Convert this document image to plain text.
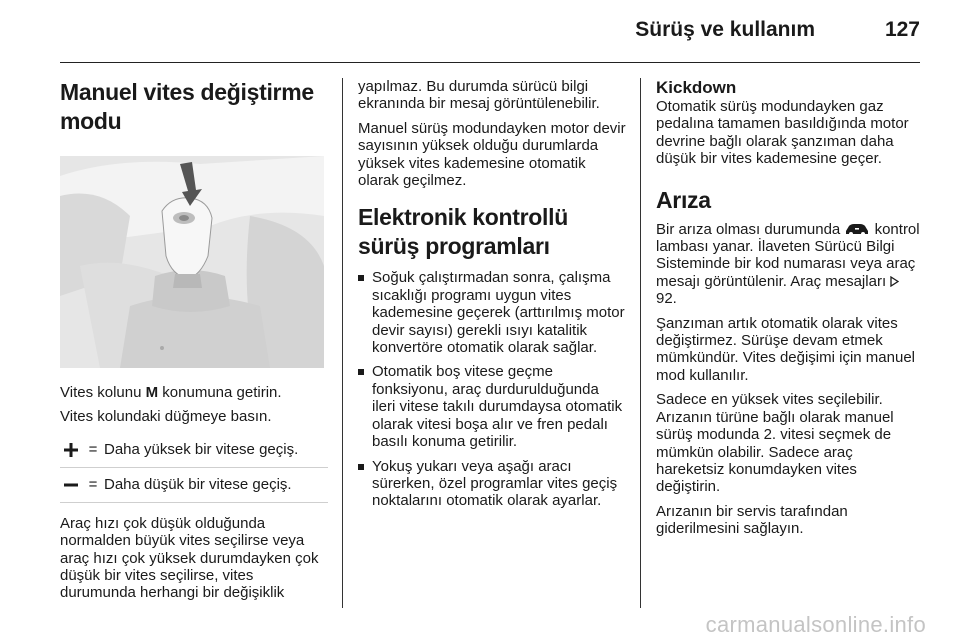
Sürüş ve kullanım	127
Manuel vites değiştirme modu

Vites kolunu M konumuna getirin.

Vites kolundaki düğmeye basın.

= Daha yüksek bir vitese geçiş.
= Daha düşük bir vitese geçiş.

Araç hızı çok düşük olduğunda normalden büyük vites seçilirse veya araç hızı çok yüksek durumdayken çok düşük bir vites seçilirse, vites durumunda herhangi bir değişiklik

yapılmaz. Bu durumda sürücü bilgi ekranında bir mesaj görüntülenebilir.

Manuel sürüş modundayken motor devir sayısının yüksek olduğu durumlarda yüksek vites kademesine otomatik olarak geçilmez.

Elektronik kontrollü sürüş programları
Soğuk çalıştırmadan sonra, çalışma sıcaklığı programı uygun vites kademesine geçerek (arttırılmış motor devir sayısı) gerekli ısıyı katalitik konvertöre otomatik olarak sağlar.
Otomatik boş vitese geçme fonksiyonu, araç durdurulduğunda ileri vitese takılı durumdaysa otomatik olarak vitesi boşa alır ve fren pedalı basılı konuma getirilir.
Yokuş yukarı veya aşağı aracı sürerken, özel programlar vites geçiş noktalarını otomatik olarak ayarlar.
Kickdown

Otomatik sürüş modundayken gaz pedalına tamamen basıldığında motor devrine bağlı olarak şanzıman daha düşük bir vites kademesine geçer.

Arıza

Bir arıza olması durumunda  kontrol lambası yanar. İlaveten Sürücü Bilgi Sisteminde bir kod numarası veya araç mesajı görüntülenir. Araç mesajları  92.

Şanzıman artık otomatik olarak vites değiştirmez. Sürüşe devam etmek mümkündür. Vites değişimi için manuel mod kullanılır.

Sadece en yüksek vites seçilebilir. Arızanın türüne bağlı olarak manuel sürüş modunda 2. vitesi seçmek de mümkün olabilir. Sadece araç hareketsiz konumdayken vites değiştirin.

Arızanın bir servis tarafından giderilmesini sağlayın.

carmanualsonline.info
